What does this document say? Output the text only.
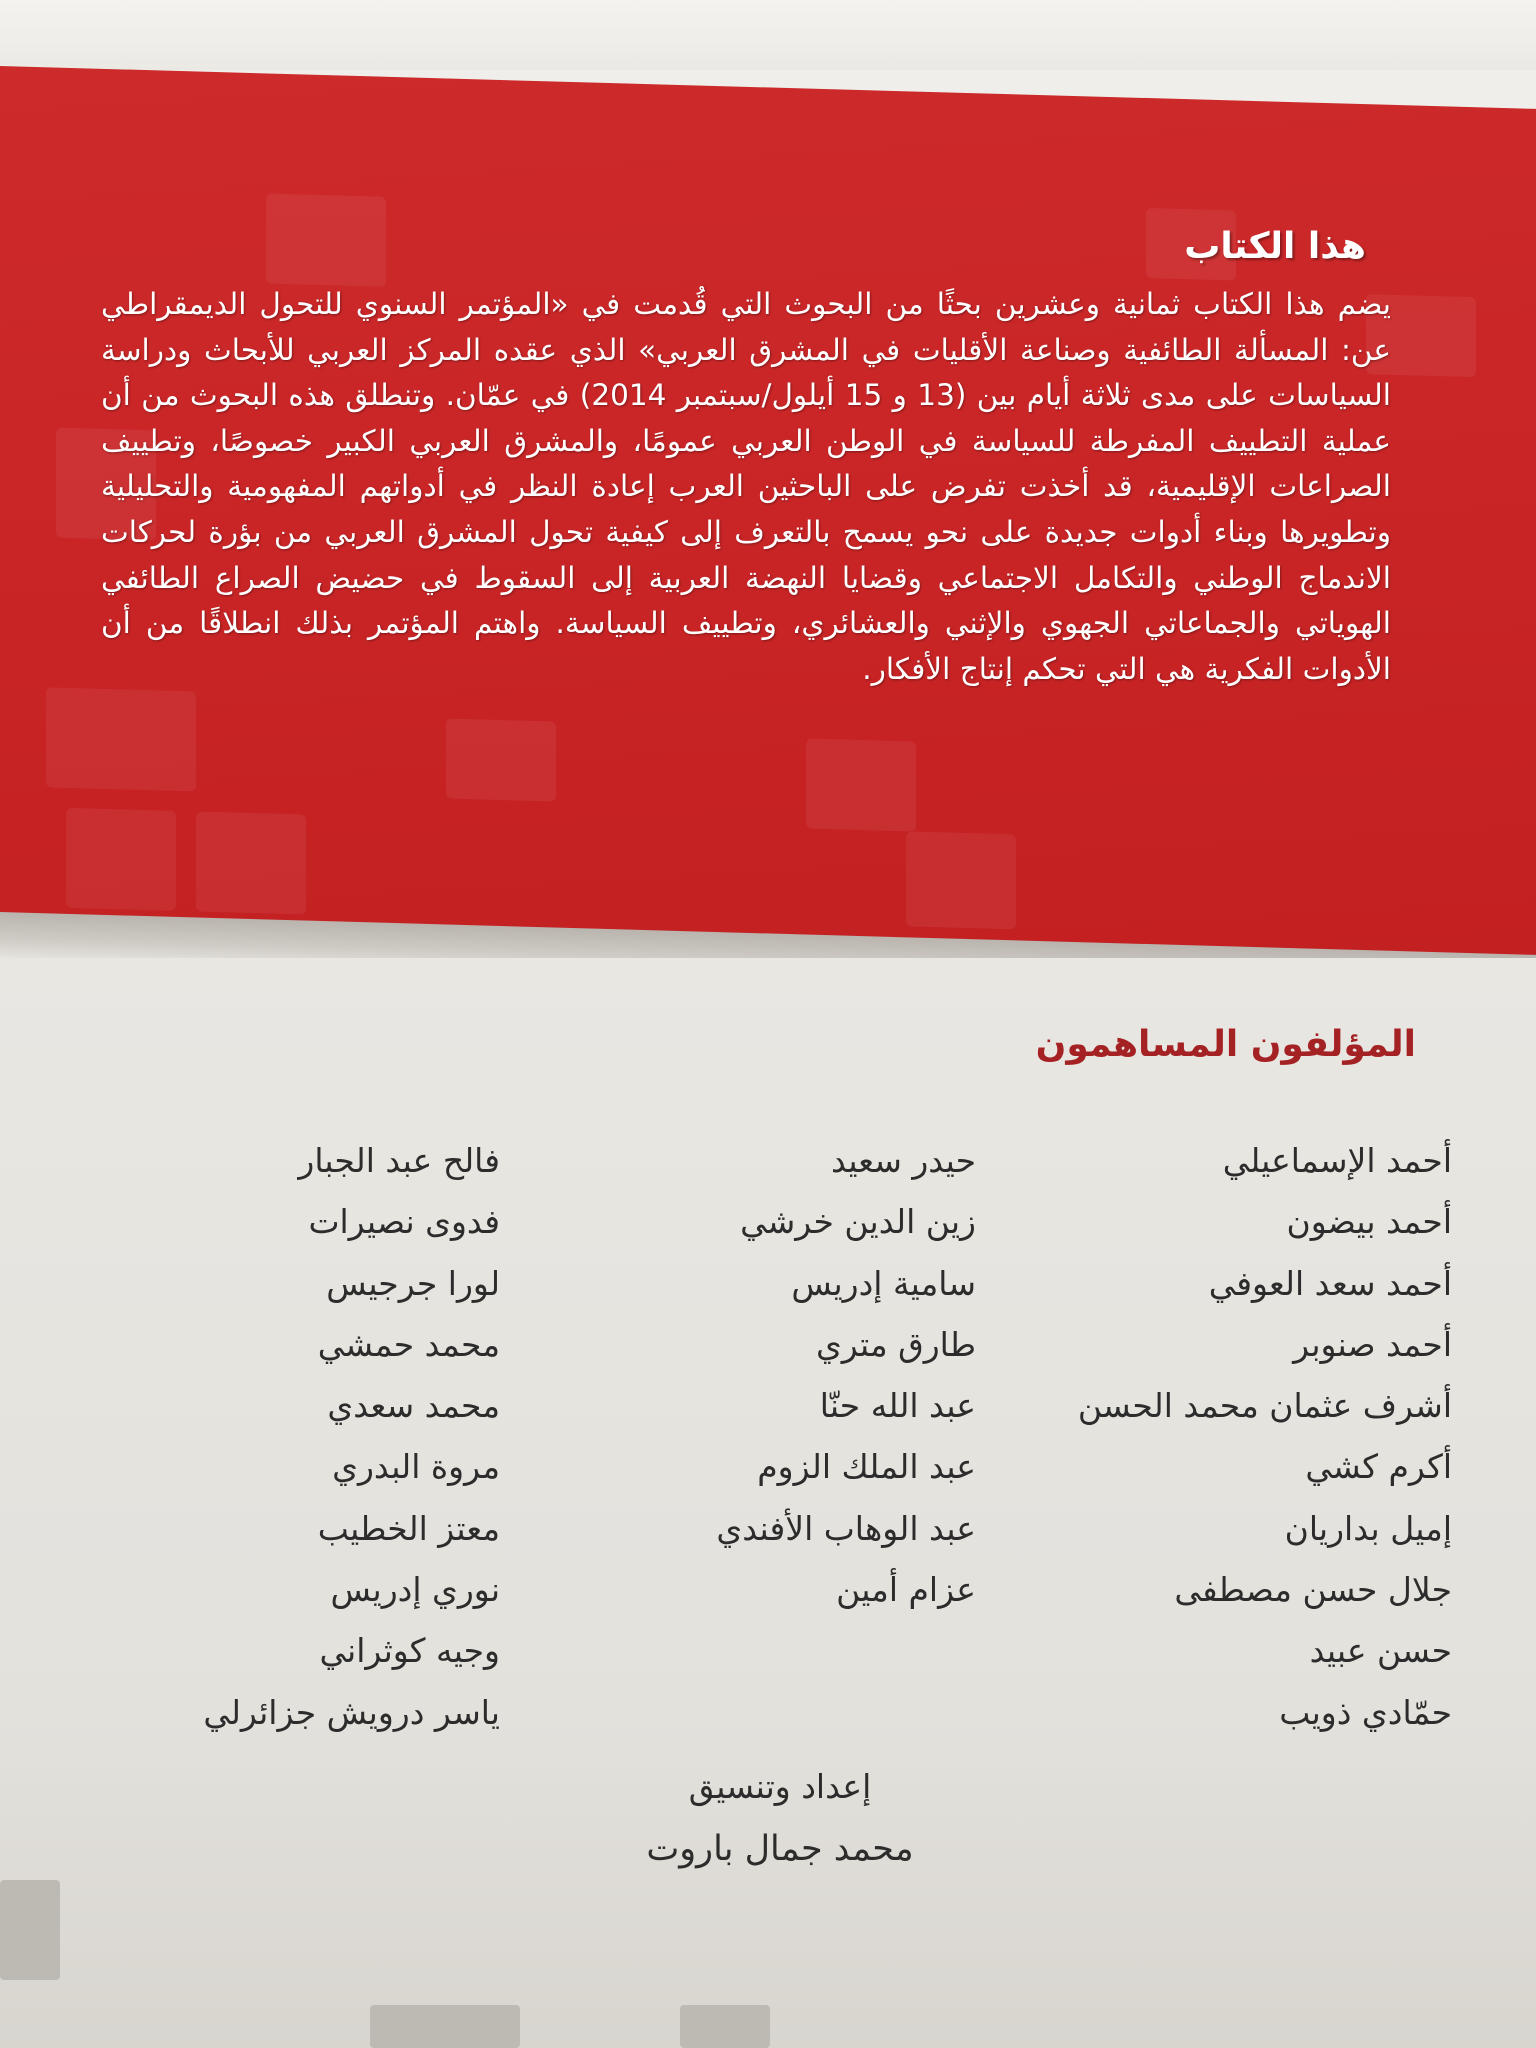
هذا الكتاب

يضم هذا الكتاب ثمانية وعشرين بحثًا من البحوث التي قُدمت في «المؤتمر السنوي للتحول الديمقراطي عن: المسألة الطائفية وصناعة الأقليات في المشرق العربي» الذي عقده المركز العربي للأبحاث ودراسة السياسات على مدى ثلاثة أيام بين (13 و 15 أيلول/سبتمبر 2014) في عمّان. وتنطلق هذه البحوث من أن عملية التطييف المفرطة للسياسة في الوطن العربي عمومًا، والمشرق العربي الكبير خصوصًا، وتطييف الصراعات الإقليمية، قد أخذت تفرض على الباحثين العرب إعادة النظر في أدواتهم المفهومية والتحليلية وتطويرها وبناء أدوات جديدة على نحو يسمح بالتعرف إلى كيفية تحول المشرق العربي من بؤرة لحركات الاندماج الوطني والتكامل الاجتماعي وقضايا النهضة العربية إلى السقوط في حضيض الصراع الطائفي الهوياتي والجماعاتي الجهوي والإثني والعشائري، وتطييف السياسة. واهتم المؤتمر بذلك انطلاقًا من أن الأدوات الفكرية هي التي تحكم إنتاج الأفكار.

المؤلفون المساهمون
أحمد الإسماعيلي
أحمد بيضون
أحمد سعد العوفي
أحمد صنوبر
أشرف عثمان محمد الحسن
أكرم كشي
إميل بداريان
جلال حسن مصطفى
حسن عبيد
حمّادي ذويب
حيدر سعيد
زين الدين خرشي
سامية إدريس
طارق متري
عبد الله حنّا
عبد الملك الزوم
عبد الوهاب الأفندي
عزام أمين
فالح عبد الجبار
فدوى نصيرات
لورا جرجيس
محمد حمشي
محمد سعدي
مروة البدري
معتز الخطيب
نوري إدريس
وجيه كوثراني
ياسر درويش جزائرلي
إعداد وتنسيق
محمد جمال باروت
